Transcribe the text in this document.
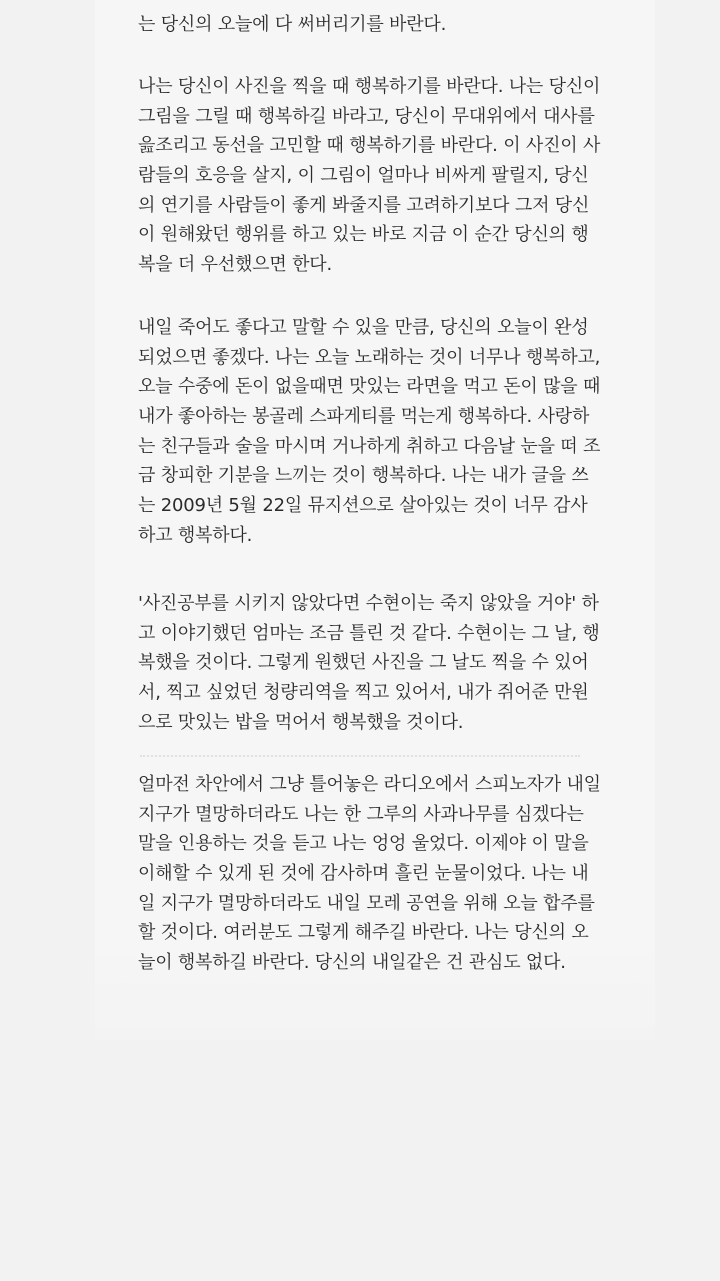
는 당신의 오늘에 다 써버리기를 바란다.
나는 당신이 사진을 찍을 때 행복하기를 바란다. 나는 당신이
그림을 그릴 때 행복하길 바라고, 당신이 무대위에서 대사를
읊조리고 동선을 고민할 때 행복하기를 바란다. 이 사진이 사
람들의 호응을 살지, 이 그림이 얼마나 비싸게 팔릴지, 당신
의 연기를 사람들이 좋게 봐줄지를 고려하기보다 그저 당신
이 원해왔던 행위를 하고 있는 바로 지금 이 순간 당신의 행
복을 더 우선했으면 한다.
내일 죽어도 좋다고 말할 수 있을 만큼, 당신의 오늘이 완성
되었으면 좋겠다. 나는 오늘 노래하는 것이 너무나 행복하고,
오늘 수중에 돈이 없을때면 맛있는 라면을 먹고 돈이 많을 때
내가 좋아하는 봉골레 스파게티를 먹는게 행복하다. 사랑하
는 친구들과 술을 마시며 거나하게 취하고 다음날 눈을 떠 조
금 창피한 기분을 느끼는 것이 행복하다. 나는 내가 글을 쓰
는 2009년 5월 22일 뮤지션으로 살아있는 것이 너무 감사
하고 행복하다.
'사진공부를 시키지 않았다면 수현이는 죽지 않았을 거야' 하
고 이야기했던 엄마는 조금 틀린 것 같다. 수현이는 그 날, 행
복했을 것이다. 그렇게 원했던 사진을 그 날도 찍을 수 있어
서, 찍고 싶었던 청량리역을 찍고 있어서, 내가 쥐어준 만원
으로 맛있는 밥을 먹어서 행복했을 것이다.
얼마전 차안에서 그냥 틀어놓은 라디오에서 스피노자가 내일
지구가 멸망하더라도 나는 한 그루의 사과나무를 심겠다는
말을 인용하는 것을 듣고 나는 엉엉 울었다. 이제야 이 말을
이해할 수 있게 된 것에 감사하며 흘린 눈물이었다. 나는 내
일 지구가 멸망하더라도 내일 모레 공연을 위해 오늘 합주를
할 것이다. 여러분도 그렇게 해주길 바란다. 나는 당신의 오
늘이 행복하길 바란다. 당신의 내일같은 건 관심도 없다.
